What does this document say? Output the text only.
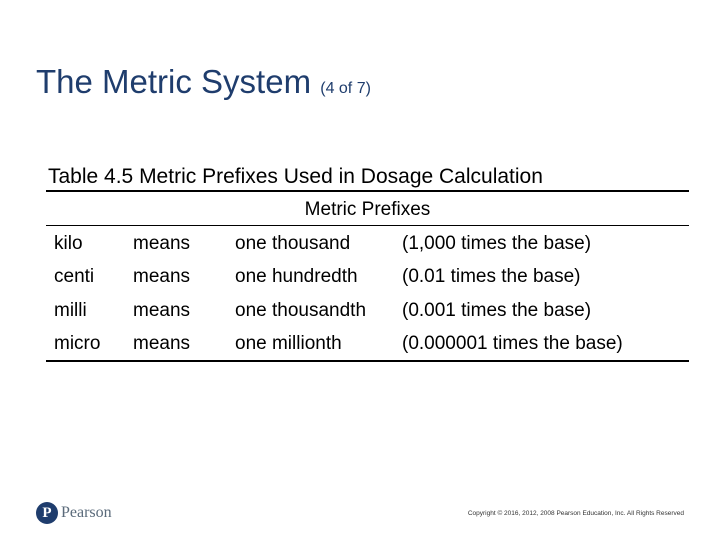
The Metric System (4 of 7)
Table 4.5 Metric Prefixes Used in Dosage Calculation
Metric Prefixes
kilo	means one thousand	(1,000 times the base)
centi means one hundredth (0.01 times the base)
milli means one thousandth (0.001 times the base)
micro means one millionth	(0.000001 times the base)
P Pearson	Copyright © 2016, 2012, 2008 Pearson Education, Inc. All Rights Reserved
